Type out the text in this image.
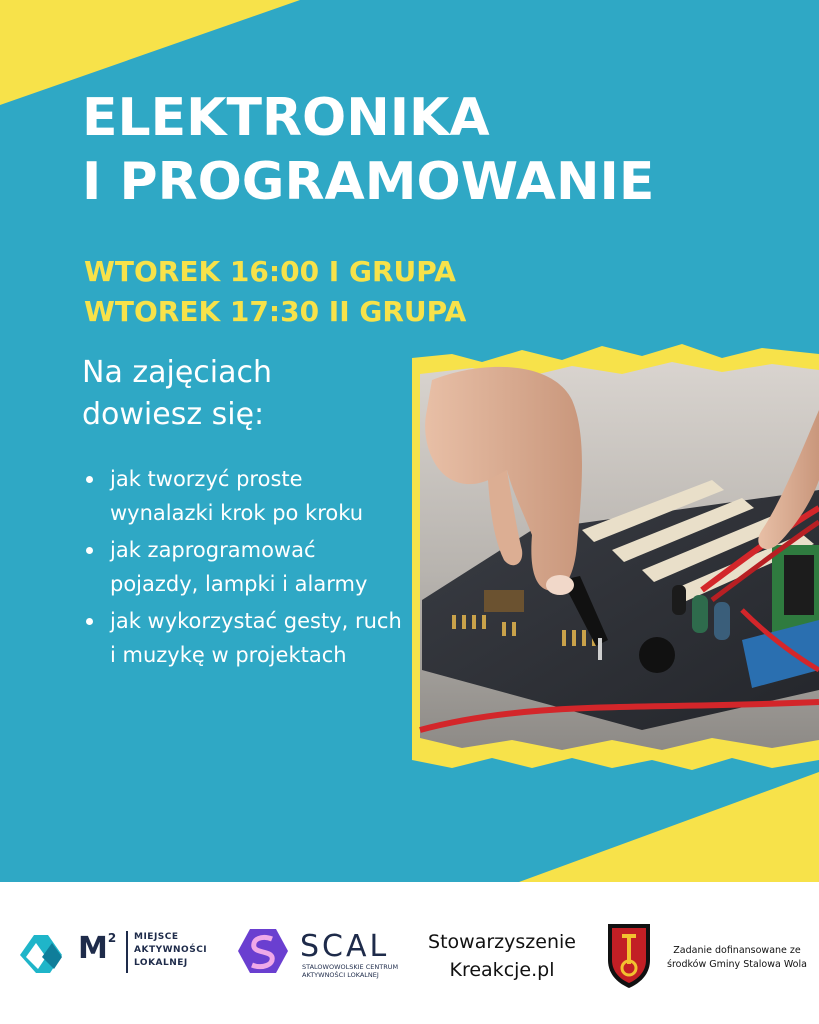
ELEKTRONIKA
I PROGRAMOWANIE
WTOREK 16:00 I GRUPA
WTOREK 17:30 II GRUPA
Na zajęciach dowiesz się:
jak tworzyć proste wynalazki krok po kroku
jak zaprogramować pojazdy, lampki i alarmy
jak wykorzystać gesty, ruch i muzykę w projektach
$M^2$ MIEJSCE
AKTYWNOŚCI
LOKALNEJ	SCAL
STALOWOWOLSKIE CENTRUM
AKTYWNOŚCI LOKALNEJ
Stowarzyszenie
Kreakcje.pl
Zadanie dofinansowane ze środków Gminy Stalowa Wola
